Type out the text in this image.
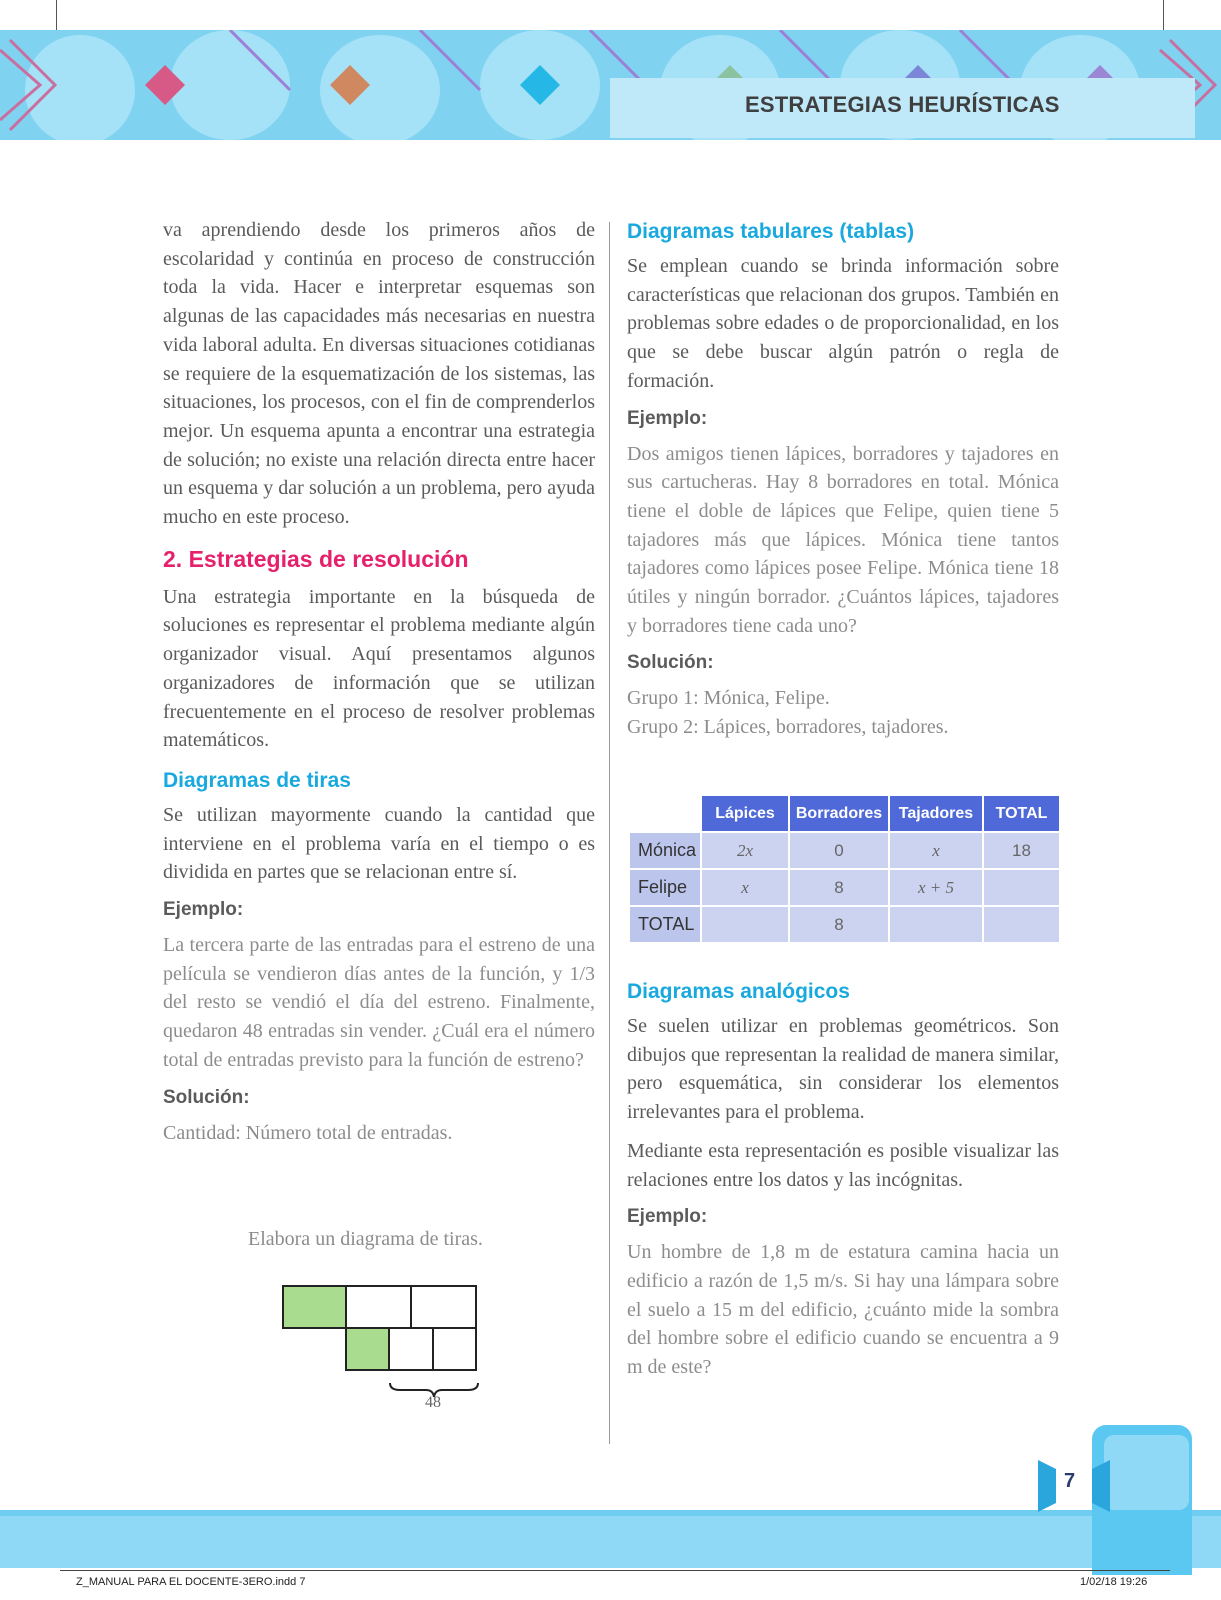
ESTRATEGIAS HEURÍSTICAS

va aprendiendo desde los primeros años de escolaridad y continúa en proceso de construcción toda la vida. Hacer e interpretar esquemas son algunas de las capacidades más necesarias en nuestra vida laboral adulta. En diversas situaciones cotidianas se requiere de la esquematización de los sistemas, las situaciones, los procesos, con el fin de comprenderlos mejor. Un esquema apunta a encontrar una estrategia de solución; no existe una relación directa entre hacer un esquema y dar solución a un problema, pero ayuda mucho en este proceso.

2. Estrategias de resolución

Una estrategia importante en la búsqueda de soluciones es representar el problema mediante algún organizador visual. Aquí presentamos algunos organizadores de información que se utilizan frecuentemente en el proceso de resolver problemas matemáticos.

Diagramas de tiras

Se utilizan mayormente cuando la cantidad que interviene en el problema varía en el tiempo o es dividida en partes que se relacionan entre sí.

Ejemplo:

La tercera parte de las entradas para el estreno de una película se vendieron días antes de la función, y 1/3 del resto se vendió el día del estreno. Finalmente, quedaron 48 entradas sin vender. ¿Cuál era el número total de entradas previsto para la función de estreno?

Solución:

Cantidad: Número total de entradas.

Elabora un diagrama de tiras.
48
Diagramas tabulares (tablas)

Se emplean cuando se brinda información sobre características que relacionan dos grupos. También en problemas sobre edades o de proporcionalidad, en los que se debe buscar algún patrón o regla de formación.

Ejemplo:

Dos amigos tienen lápices, borradores y tajadores en sus cartucheras. Hay 8 borradores en total. Mónica tiene el doble de lápices que Felipe, quien tiene 5 tajadores más que lápices. Mónica tiene tantos tajadores como lápices posee Felipe. Mónica tiene 18 útiles y ningún borrador. ¿Cuántos lápices, tajadores y borradores tiene cada uno?

Solución:

Grupo 1: Mónica, Felipe.

Grupo 2: Lápices, borradores, tajadores.

	Lápices	Borradores	Tajadores	TOTAL
Mónica	2x	0	x	18
Felipe	x	8	x + 5	
TOTAL		8		
Diagramas analógicos

Se suelen utilizar en problemas geométricos. Son dibujos que representan la realidad de manera similar, pero esquemática, sin considerar los elementos irrelevantes para el problema.

Mediante esta representación es posible visualizar las relaciones entre los datos y las incógnitas.

Ejemplo:

Un hombre de 1,8 m de estatura camina hacia un edificio a razón de 1,5 m/s. Si hay una lámpara sobre el suelo a 15 m del edificio, ¿cuánto mide la sombra del hombre sobre el edificio cuando se encuentra a 9 m de este?

7
Z_MANUAL PARA EL DOCENTE-3ERO.indd 7	1/02/18 19:26
